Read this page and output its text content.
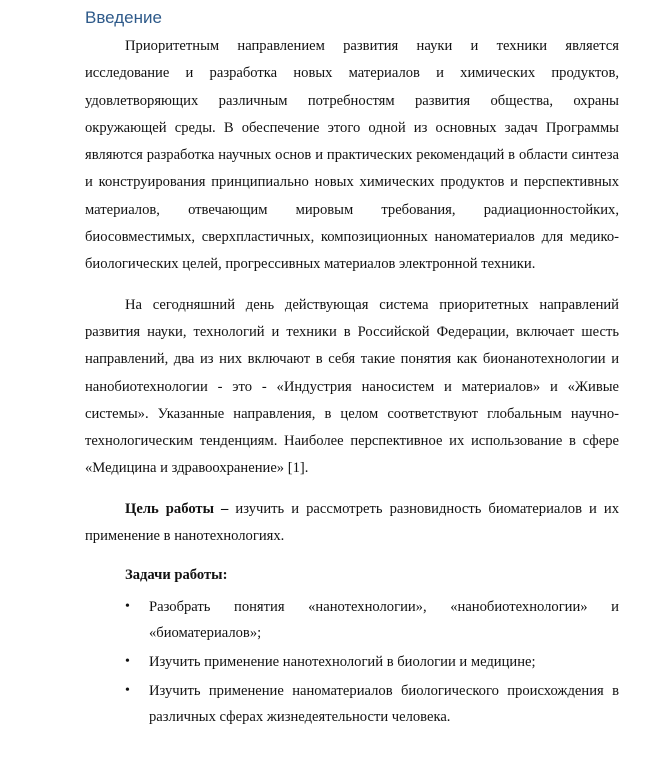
Введение

Приоритетным направлением развития науки и техники является исследование и разработка новых материалов и химических продуктов, удовлетворяющих различным потребностям развития общества, охраны окружающей среды. В обеспечение этого одной из основных задач Программы являются разработка научных основ и практических рекомендаций в области синтеза и конструирования принципиально новых химических продуктов и перспективных материалов, отвечающим мировым требования, радиационностойких, биосовместимых, сверхпластичных, композиционных наноматериалов для медико-биологических целей, прогрессивных материалов электронной техники.

На сегодняшний день действующая система приоритетных направлений развития науки, технологий и техники в Российской Федерации, включает шесть направлений, два из них включают в себя такие понятия как бионанотехнологии и нанобиотехнологии - это - «Индустрия наносистем и материалов» и «Живые системы». Указанные направления, в целом соответствуют глобальным научно-технологическим тенденциям. Наиболее перспективное их использование в сфере «Медицина и здравоохранение» [1].

Цель работы – изучить и рассмотреть разновидность биоматериалов и их применение в нанотехнологиях.

Задачи работы:
• Разобрать понятия «нанотехнологии», «нанобиотехнологии» и «биоматериалов»;
• Изучить применение нанотехнологий в биологии и медицине;
• Изучить применение наноматериалов биологического происхождения в различных сферах жизнедеятельности человека.
